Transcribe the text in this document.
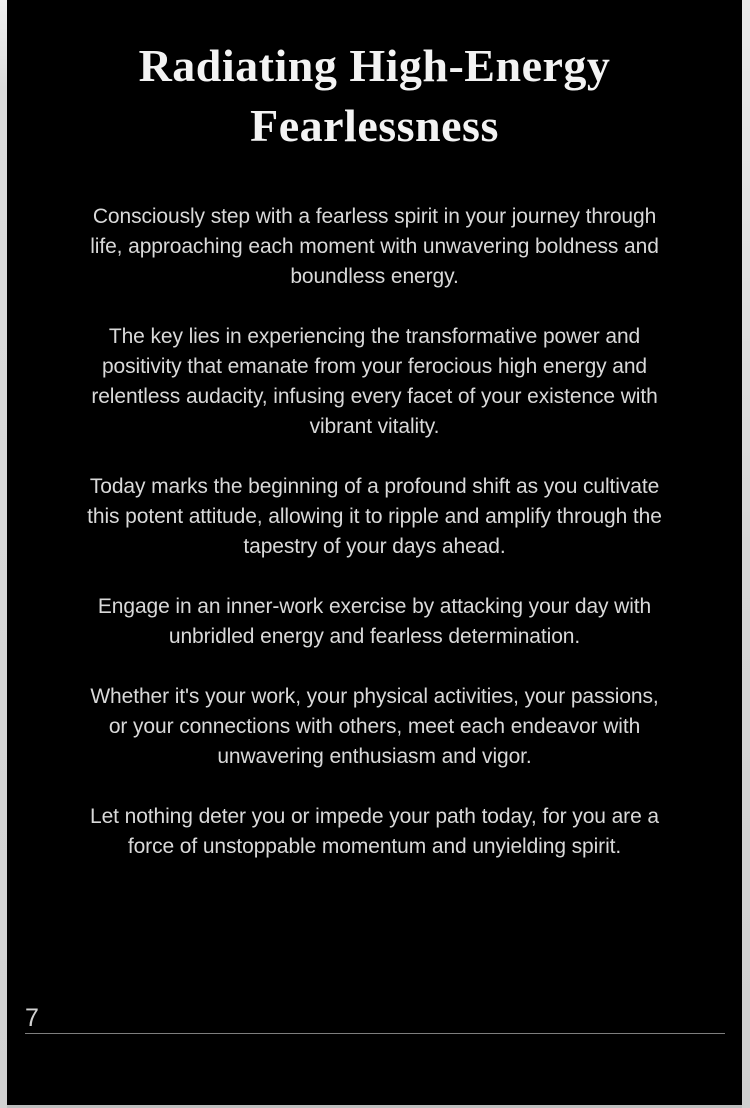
Radiating High-Energy Fearlessness

Consciously step with a fearless spirit in your journey through life, approaching each moment with unwavering boldness and boundless energy.

The key lies in experiencing the transformative power and positivity that emanate from your ferocious high energy and relentless audacity, infusing every facet of your existence with vibrant vitality.

Today marks the beginning of a profound shift as you cultivate this potent attitude, allowing it to ripple and amplify through the tapestry of your days ahead.

Engage in an inner-work exercise by attacking your day with unbridled energy and fearless determination.

Whether it's your work, your physical activities, your passions, or your connections with others, meet each endeavor with unwavering enthusiasm and vigor.

Let nothing deter you or impede your path today, for you are a force of unstoppable momentum and unyielding spirit.

7
